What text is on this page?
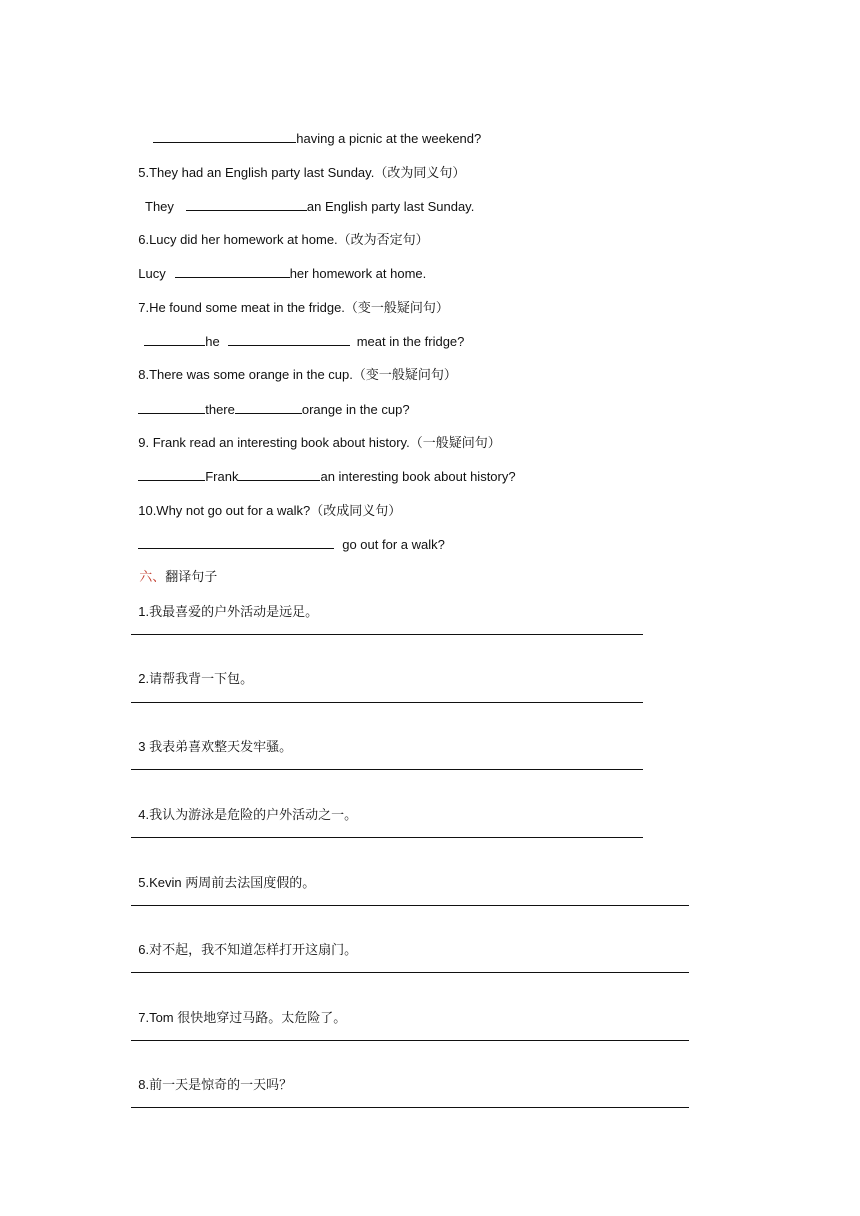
having a picnic at the weekend?

5.They had an English party last Sunday.（改为同义句）

They	an English party last Sunday.

6.Lucy did her homework at home.（改为否定句）

Lucy	her homework at home.

7.He found some meat in the fridge.（变一般疑问句）

he	meat in the fridge?

8.There was some orange in the cup.（变一般疑问句）

there	orange in the cup?

9. Frank read an interesting book about history.（一般疑问句）

Frank	an interesting book about history?

10.Why not go out for a walk?（改成同义句）

go out for a walk?

六、翻译句子

1.我最喜爱的户外活动是远足。

2.请帮我背一下包。

3 我表弟喜欢整天发牢骚。

4.我认为游泳是危险的户外活动之一。

5.Kevin 两周前去法国度假的。

6.对不起，我不知道怎样打开这扇门。

7.Tom 很快地穿过马路。太危险了。

8.前一天是惊奇的一天吗？
